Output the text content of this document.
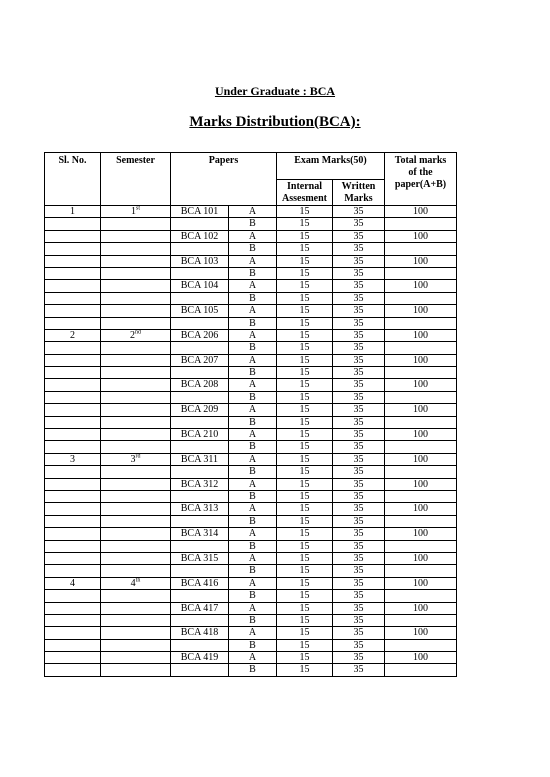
Under Graduate : BCA
Marks Distribution(BCA):
Sl. No.	Semester	Papers		Exam Marks(50)		Total marks of the paper(A+B)
				Internal Assesment	Written Marks	
1	1st	BCA 101	A	15	35	100
			B	15	35	
		BCA 102	A	15	35	100
			B	15	35	
		BCA 103	A	15	35	100
			B	15	35	
		BCA 104	A	15	35	100
			B	15	35	
		BCA 105	A	15	35	100
			B	15	35	
2	2nd	BCA 206	A	15	35	100
			B	15	35	
		BCA 207	A	15	35	100
			B	15	35	
		BCA 208	A	15	35	100
			B	15	35	
		BCA 209	A	15	35	100
			B	15	35	
		BCA 210	A	15	35	100
			B	15	35	
3	3rd	BCA 311	A	15	35	100
			B	15	35	
		BCA 312	A	15	35	100
			B	15	35	
		BCA 313	A	15	35	100
			B	15	35	
		BCA 314	A	15	35	100
			B	15	35	
		BCA 315	A	15	35	100
			B	15	35	
4	4th	BCA 416	A	15	35	100
			B	15	35	
		BCA 417	A	15	35	100
			B	15	35	
		BCA 418	A	15	35	100
			B	15	35	
		BCA 419	A	15	35	100
			B	15	35	
